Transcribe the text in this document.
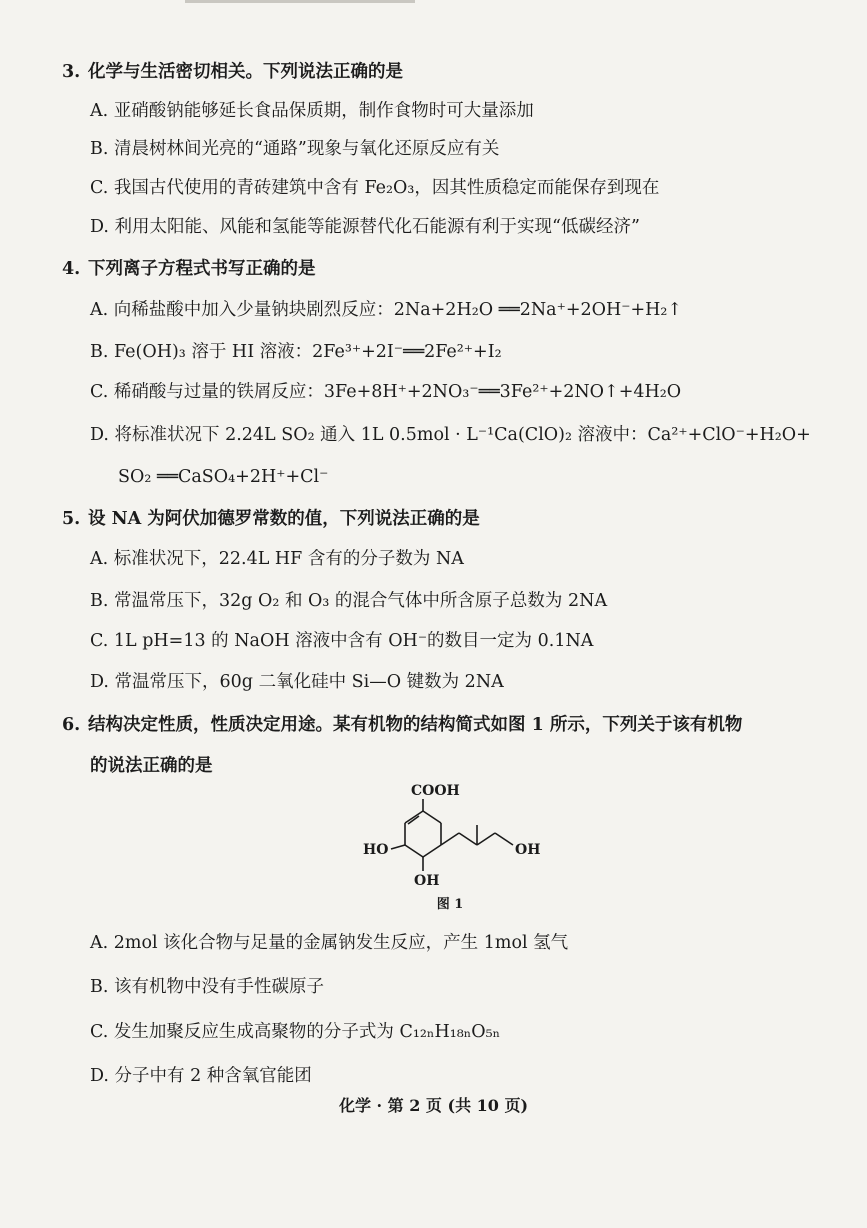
3. 化学与生活密切相关。下列说法正确的是
A. 亚硝酸钠能够延长食品保质期，制作食物时可大量添加
B. 清晨树林间光亮的“通路”现象与氧化还原反应有关
C. 我国古代使用的青砖建筑中含有 Fe₂O₃，因其性质稳定而能保存到现在
D. 利用太阳能、风能和氢能等能源替代化石能源有利于实现“低碳经济”
4. 下列离子方程式书写正确的是
A. 向稀盐酸中加入少量钠块剧烈反应：2Na+2H₂O ══2Na⁺+2OH⁻+H₂↑
B. Fe(OH)₃ 溶于 HI 溶液：2Fe³⁺+2I⁻══2Fe²⁺+I₂
C. 稀硝酸与过量的铁屑反应：3Fe+8H⁺+2NO₃⁻══3Fe²⁺+2NO↑+4H₂O
D. 将标准状况下 2.24L SO₂ 通入 1L 0.5mol · L⁻¹Ca(ClO)₂ 溶液中：Ca²⁺+ClO⁻+H₂O+
SO₂ ══CaSO₄+2H⁺+Cl⁻
5. 设 NA 为阿伏加德罗常数的值，下列说法正确的是
A. 标准状况下，22.4L HF 含有的分子数为 NA
B. 常温常压下，32g O₂ 和 O₃ 的混合气体中所含原子总数为 2NA
C. 1L pH=13 的 NaOH 溶液中含有 OH⁻的数目一定为 0.1NA
D. 常温常压下，60g 二氧化硅中 Si—O 键数为 2NA
6. 结构决定性质，性质决定用途。某有机物的结构简式如图 1 所示，下列关于该有机物
的说法正确的是
COOH
HO
OH
OH
图 1
A. 2mol 该化合物与足量的金属钠发生反应，产生 1mol 氢气
B. 该有机物中没有手性碳原子
C. 发生加聚反应生成高聚物的分子式为 C₁₂ₙH₁₈ₙO₅ₙ
D. 分子中有 2 种含氧官能团
化学 · 第 2 页 (共 10 页)
